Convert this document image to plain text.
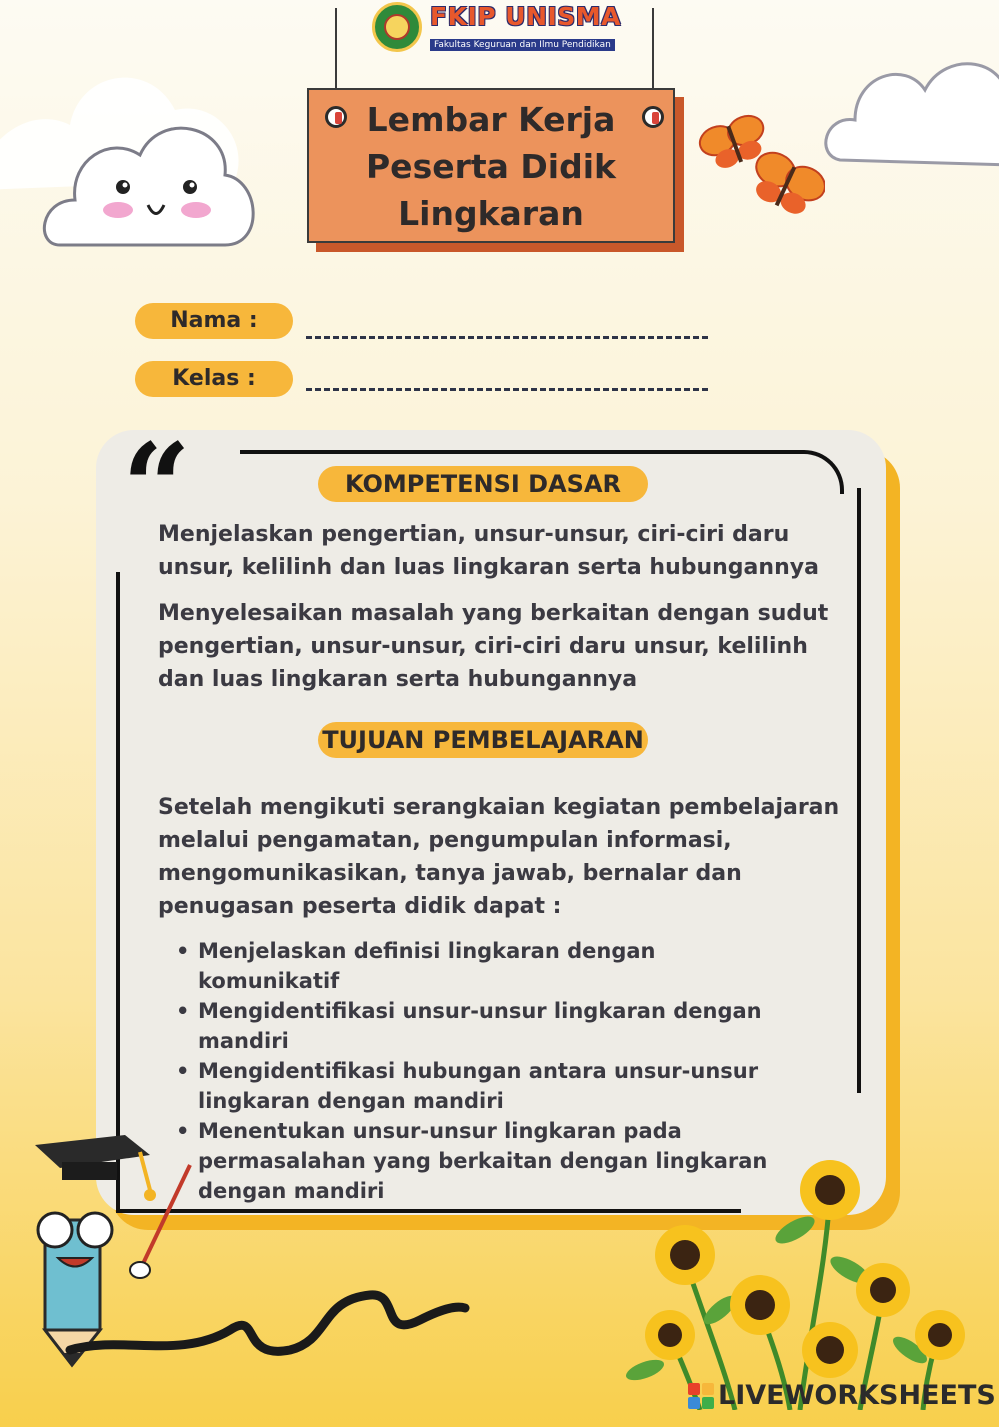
FKIP UNISMA
Fakultas Keguruan dan Ilmu Pendidikan
Lembar Kerja
Peserta Didik
Lingkaran
Nama :
Kelas :
“	KOMPETENSI DASAR
Menjelaskan pengertian, unsur-unsur, ciri-ciri daru unsur, kelilinh dan luas lingkaran serta hubungannya
Menyelesaikan masalah yang berkaitan dengan sudut pengertian, unsur-unsur, ciri-ciri daru unsur, kelilinh dan luas lingkaran serta hubungannya
TUJUAN PEMBELAJARAN
Setelah mengikuti serangkaian kegiatan pembelajaran melalui pengamatan, pengumpulan informasi, mengomunikasikan, tanya jawab, bernalar dan penugasan peserta didik dapat :
• Menjelaskan definisi lingkaran dengan komunikatif
• Mengidentifikasi unsur-unsur lingkaran dengan mandiri
• Mengidentifikasi hubungan antara unsur-unsur lingkaran dengan mandiri
• Menentukan unsur-unsur lingkaran pada permasalahan yang berkaitan dengan lingkaran dengan mandiri
LIVEWORKSHEETS
